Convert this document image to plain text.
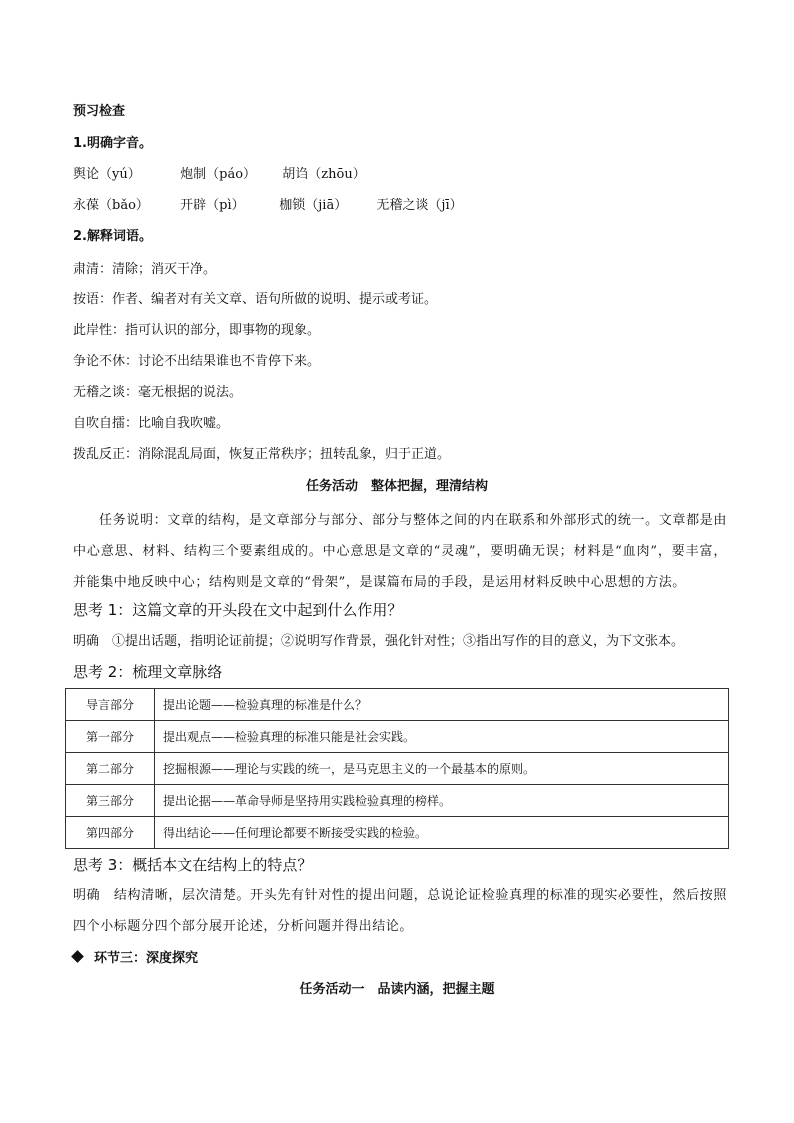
预习检查
1.明确字音。
舆论（yú）	炮制（páo） 胡诌（zhōu）
永葆（bǎo） 开辟（pì）	枷锁（jiā） 无稽之谈（jī）
2.解释词语。
肃清：清除；消灭干净。
按语：作者、编者对有关文章、语句所做的说明、提示或考证。
此岸性：指可认识的部分，即事物的现象。
争论不休：讨论不出结果谁也不肯停下来。
无稽之谈：毫无根据的说法。
自吹自擂：比喻自我吹嘘。
拨乱反正：消除混乱局面，恢复正常秩序；扭转乱象，归于正道。
任务活动　整体把握，理清结构
任务说明：文章的结构，是文章部分与部分、部分与整体之间的内在联系和外部形式的统一。文章都是由中心意思、材料、结构三个要素组成的。中心意思是文章的“灵魂”，要明确无误；材料是“血肉”，要丰富，并能集中地反映中心；结构则是文章的“骨架”，是谋篇布局的手段，是运用材料反映中心思想的方法。
思考 1：这篇文章的开头段在文中起到什么作用？
明确　①提出话题，指明论证前提；②说明写作背景，强化针对性；③指出写作的目的意义，为下文张本。
思考 2：梳理文章脉络
导言部分	提出论题——检验真理的标准是什么？
第一部分	提出观点——检验真理的标准只能是社会实践。
第二部分	挖掘根源——理论与实践的统一，是马克思主义的一个最基本的原则。
第三部分	提出论据——革命导师是坚持用实践检验真理的榜样。
第四部分	得出结论——任何理论都要不断接受实践的检验。
思考 3：概括本文在结构上的特点？
明确　结构清晰，层次清楚。开头先有针对性的提出问题，总说论证检验真理的标准的现实必要性，然后按照四个小标题分四个部分展开论述，分析问题并得出结论。
环节三：深度探究
任务活动一　品读内涵，把握主题
